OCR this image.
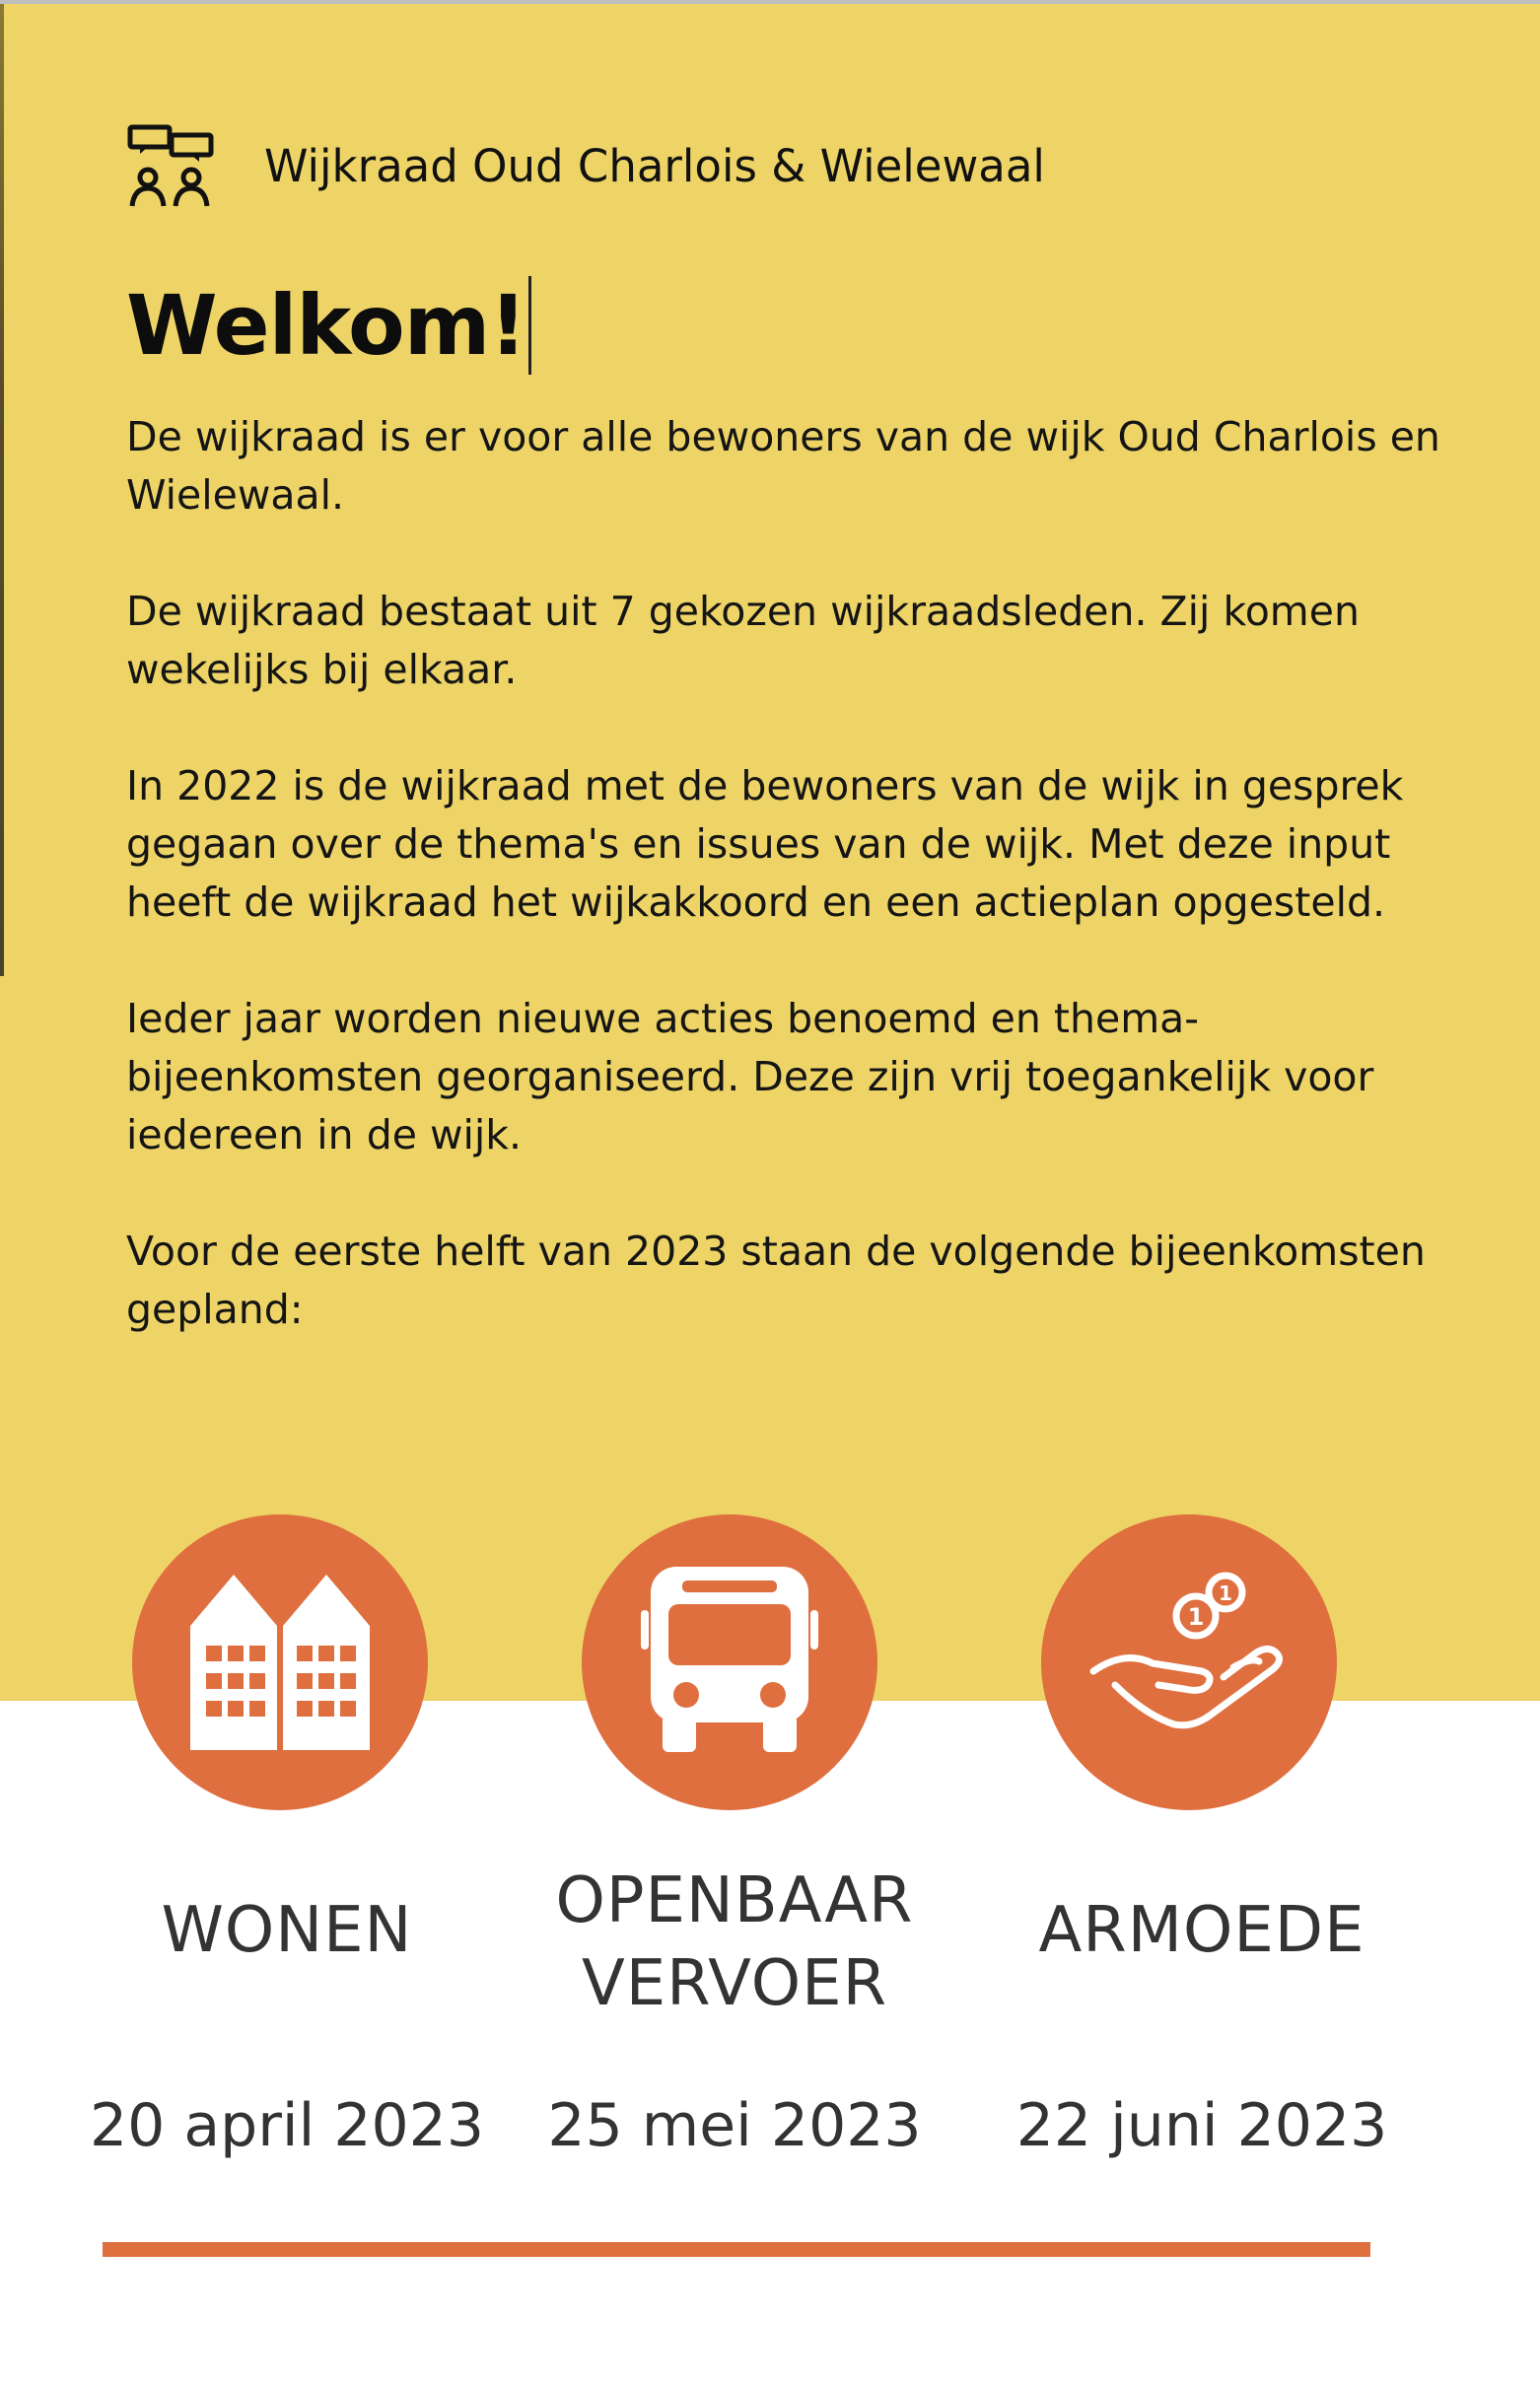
Wijkraad Oud Charlois & Wielewaal
Welkom!

De wijkraad is er voor alle bewoners van de wijk Oud Charlois en Wielewaal.

De wijkraad bestaat uit 7 gekozen wijkraadsleden. Zij komen wekelijks bij elkaar.

In 2022 is de wijkraad met de bewoners van de wijk in gesprek gegaan over de thema's en issues van de wijk. Met deze input heeft de wijkraad het wijkakkoord en een actieplan opgesteld.

Ieder jaar worden nieuwe acties benoemd en thema-bijeenkomsten georganiseerd. Deze zijn vrij toegankelijk voor iedereen in de wijk.

Voor de eerste helft van 2023 staan de volgende bijeenkomsten gepland:

WONEN
20 april 2023
OPENBAAR VERVOER
25 mei 2023
1
1
ARMOEDE
22 juni 2023
